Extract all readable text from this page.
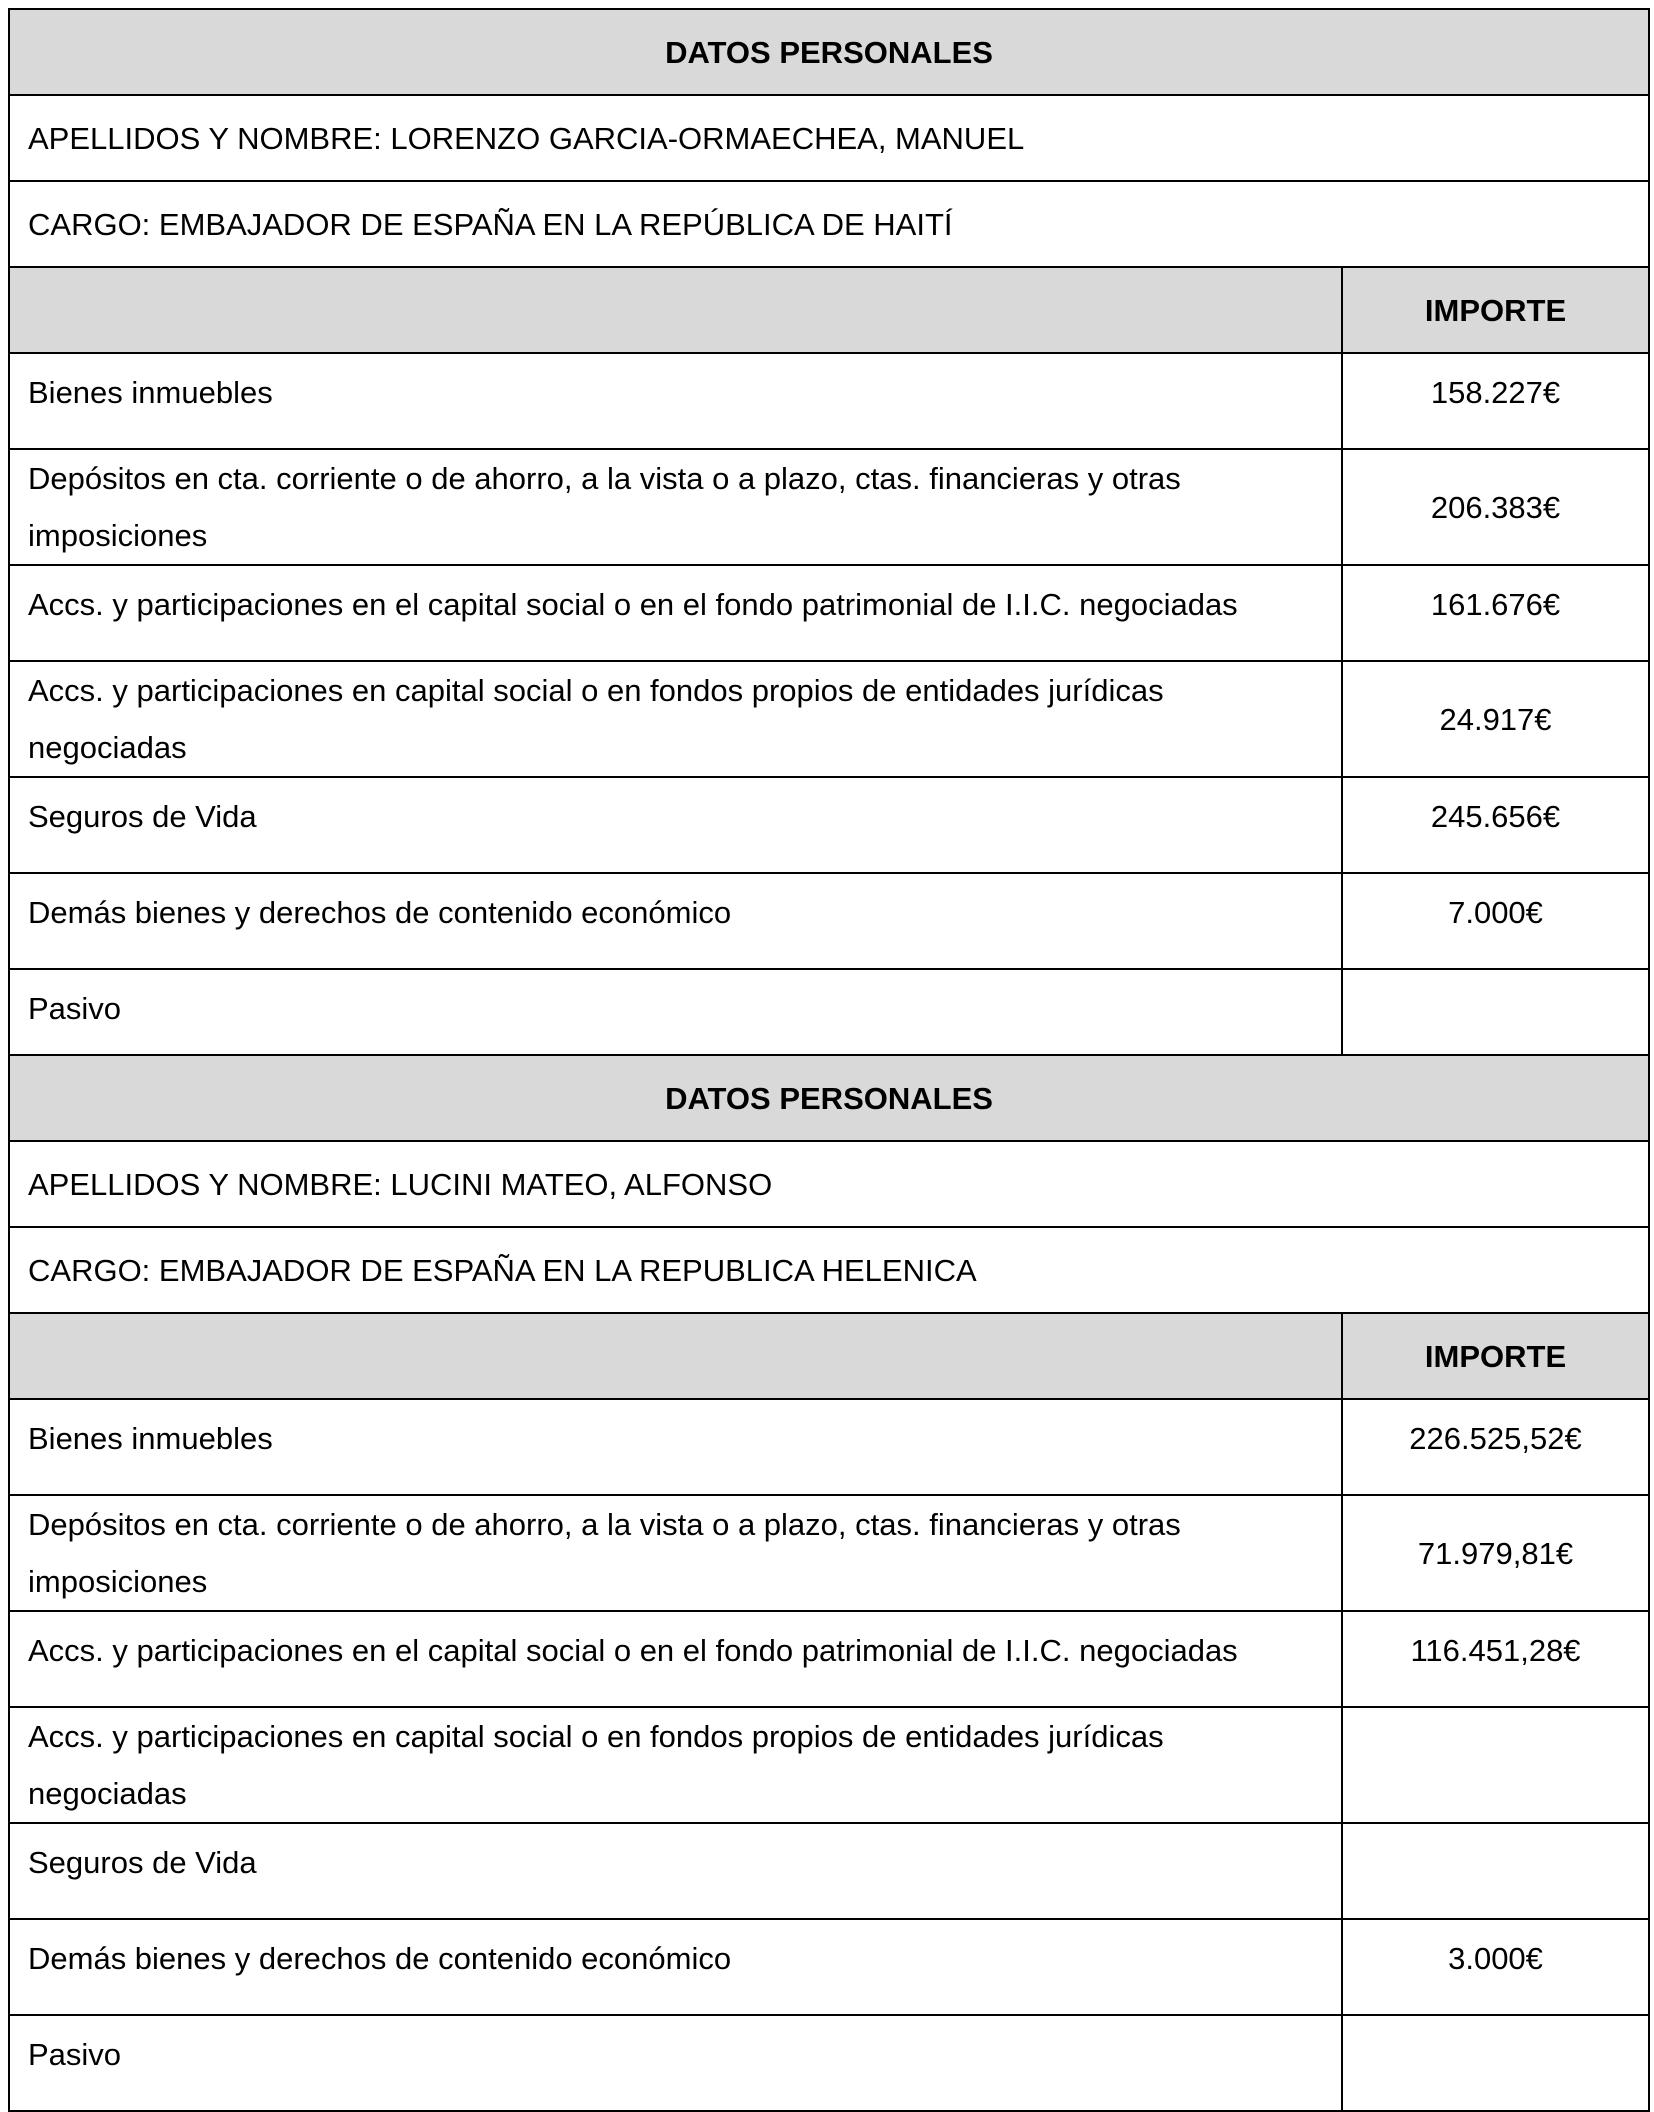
DATOS PERSONALES	
APELLIDOS Y NOMBRE: LORENZO GARCIA-ORMAECHEA, MANUEL	
CARGO: EMBAJADOR DE ESPAÑA EN LA REPÚBLICA DE HAITÍ	
	IMPORTE
Bienes inmuebles	158.227€
Depósitos en cta. corriente o de ahorro, a la vista o a plazo, ctas. financieras y otras imposiciones	206.383€
Accs. y participaciones en el capital social o en el fondo patrimonial de I.I.C. negociadas	161.676€
Accs. y participaciones en capital social o en fondos propios de entidades jurídicas negociadas	24.917€
Seguros de Vida	245.656€
Demás bienes y derechos de contenido económico	7.000€
Pasivo	
DATOS PERSONALES	
APELLIDOS Y NOMBRE: LUCINI MATEO, ALFONSO	
CARGO: EMBAJADOR DE ESPAÑA EN LA REPUBLICA HELENICA	
	IMPORTE
Bienes inmuebles	226.525,52€
Depósitos en cta. corriente o de ahorro, a la vista o a plazo, ctas. financieras y otras imposiciones	71.979,81€
Accs. y participaciones en el capital social o en el fondo patrimonial de I.I.C. negociadas	116.451,28€
Accs. y participaciones en capital social o en fondos propios de entidades jurídicas negociadas	
Seguros de Vida	
Demás bienes y derechos de contenido económico	3.000€
Pasivo	
